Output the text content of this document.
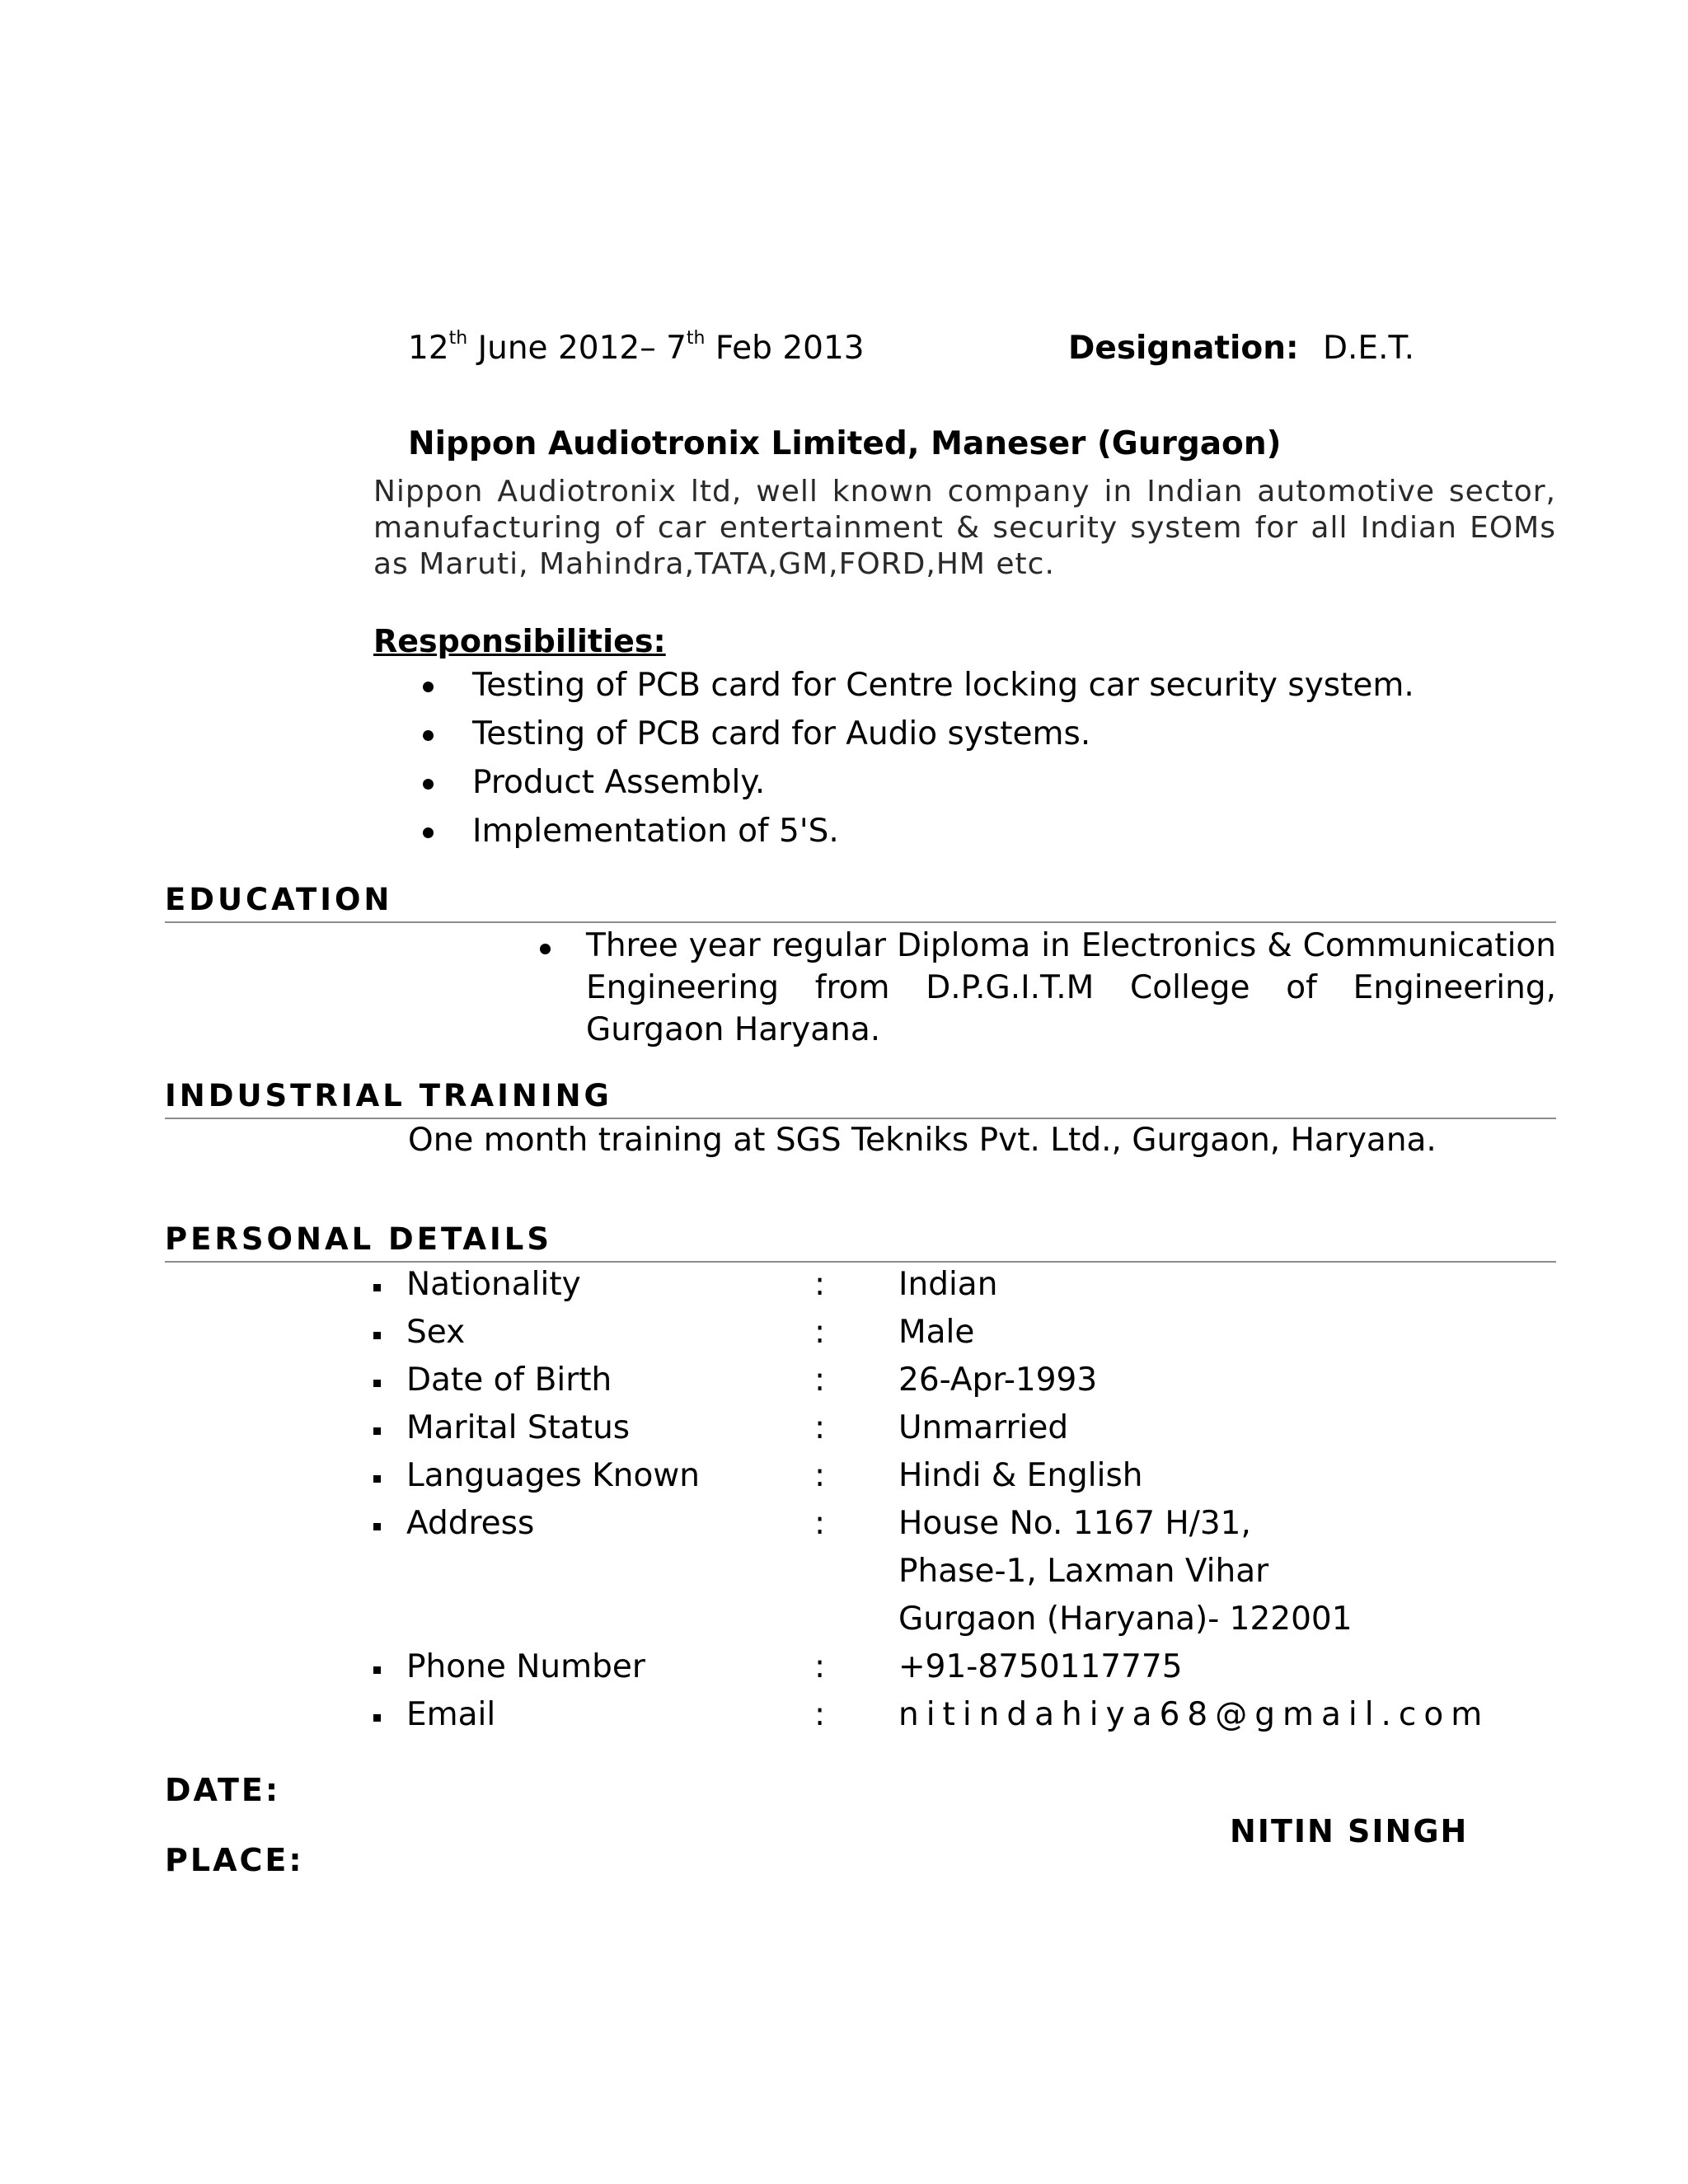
12th June 2012– 7th Feb 2013	Designation: D.E.T.
Nippon Audiotronix Limited, Maneser (Gurgaon)
Nippon Audiotronix ltd, well known company in Indian automotive sector, manufacturing of car entertainment & security system for all Indian EOMs as Maruti, Mahindra,TATA,GM,FORD,HM etc.
Responsibilities:
Testing of PCB card for Centre locking car security system.
Testing of PCB card for Audio systems.
Product Assembly.
Implementation of 5'S.
EDUCATION
Three year regular Diploma in Electronics & Communication Engineering from D.P.G.I.T.M College of Engineering, Gurgaon Haryana.
INDUSTRIAL TRAINING
One month training at SGS Tekniks Pvt. Ltd., Gurgaon, Haryana.
PERSONAL DETAILS
Nationality	: Indian
Sex	: Male
Date of Birth	: 26-Apr-1993
Marital Status	: Unmarried
Languages Known	: Hindi & English
Address	: House No. 1167 H/31,
Phase-1, Laxman Vihar
Gurgaon (Haryana)- 122001
Phone Number	: +91-8750117775
Email	: nitindahiya68@gmail.com
DATE:
NITIN SINGH
PLACE:
